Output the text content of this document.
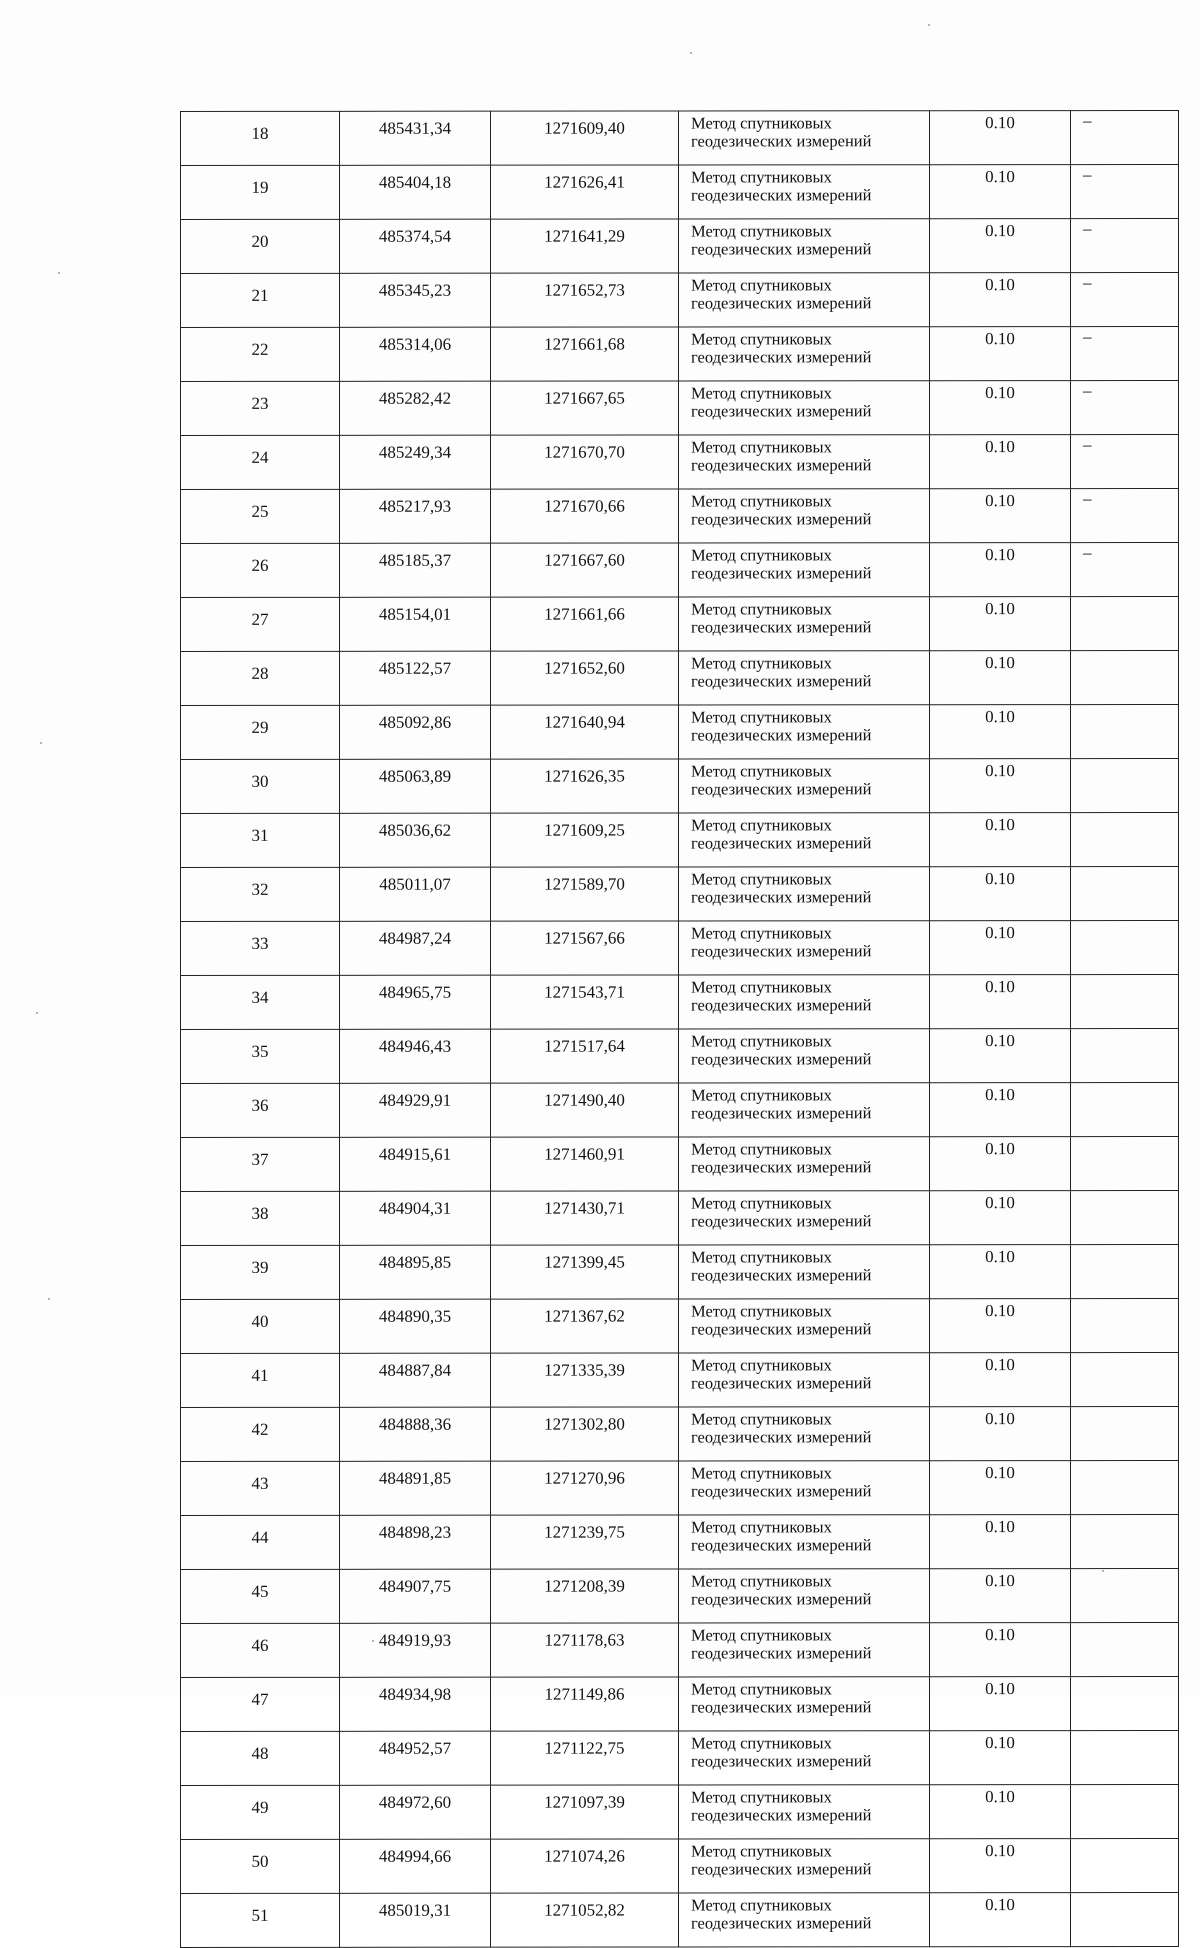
18	485431,34	1271609,40	Метод спутниковых
геодезических измерений	0.10	–
19	485404,18	1271626,41	Метод спутниковых
геодезических измерений	0.10	–
20	485374,54	1271641,29	Метод спутниковых
геодезических измерений	0.10	–
21	485345,23	1271652,73	Метод спутниковых
геодезических измерений	0.10	–
22	485314,06	1271661,68	Метод спутниковых
геодезических измерений	0.10	–
23	485282,42	1271667,65	Метод спутниковых
геодезических измерений	0.10	–
24	485249,34	1271670,70	Метод спутниковых
геодезических измерений	0.10	–
25	485217,93	1271670,66	Метод спутниковых
геодезических измерений	0.10	–
26	485185,37	1271667,60	Метод спутниковых
геодезических измерений	0.10	–
27	485154,01	1271661,66	Метод спутниковых
геодезических измерений	0.10	
28	485122,57	1271652,60	Метод спутниковых
геодезических измерений	0.10	
29	485092,86	1271640,94	Метод спутниковых
геодезических измерений	0.10	
30	485063,89	1271626,35	Метод спутниковых
геодезических измерений	0.10	
31	485036,62	1271609,25	Метод спутниковых
геодезических измерений	0.10	
32	485011,07	1271589,70	Метод спутниковых
геодезических измерений	0.10	
33	484987,24	1271567,66	Метод спутниковых
геодезических измерений	0.10	
34	484965,75	1271543,71	Метод спутниковых
геодезических измерений	0.10	
35	484946,43	1271517,64	Метод спутниковых
геодезических измерений	0.10	
36	484929,91	1271490,40	Метод спутниковых
геодезических измерений	0.10	
37	484915,61	1271460,91	Метод спутниковых
геодезических измерений	0.10	
38	484904,31	1271430,71	Метод спутниковых
геодезических измерений	0.10	
39	484895,85	1271399,45	Метод спутниковых
геодезических измерений	0.10	
40	484890,35	1271367,62	Метод спутниковых
геодезических измерений	0.10	
41	484887,84	1271335,39	Метод спутниковых
геодезических измерений	0.10	
42	484888,36	1271302,80	Метод спутниковых
геодезических измерений	0.10	
43	484891,85	1271270,96	Метод спутниковых
геодезических измерений	0.10	
44	484898,23	1271239,75	Метод спутниковых
геодезических измерений	0.10	
45	484907,75	1271208,39	Метод спутниковых
геодезических измерений	0.10	
46	484919,93	1271178,63	Метод спутниковых
геодезических измерений	0.10	
47	484934,98	1271149,86	Метод спутниковых
геодезических измерений	0.10	
48	484952,57	1271122,75	Метод спутниковых
геодезических измерений	0.10	
49	484972,60	1271097,39	Метод спутниковых
геодезических измерений	0.10	
50	484994,66	1271074,26	Метод спутниковых
геодезических измерений	0.10	
51	485019,31	1271052,82	Метод спутниковых
геодезических измерений	0.10	
